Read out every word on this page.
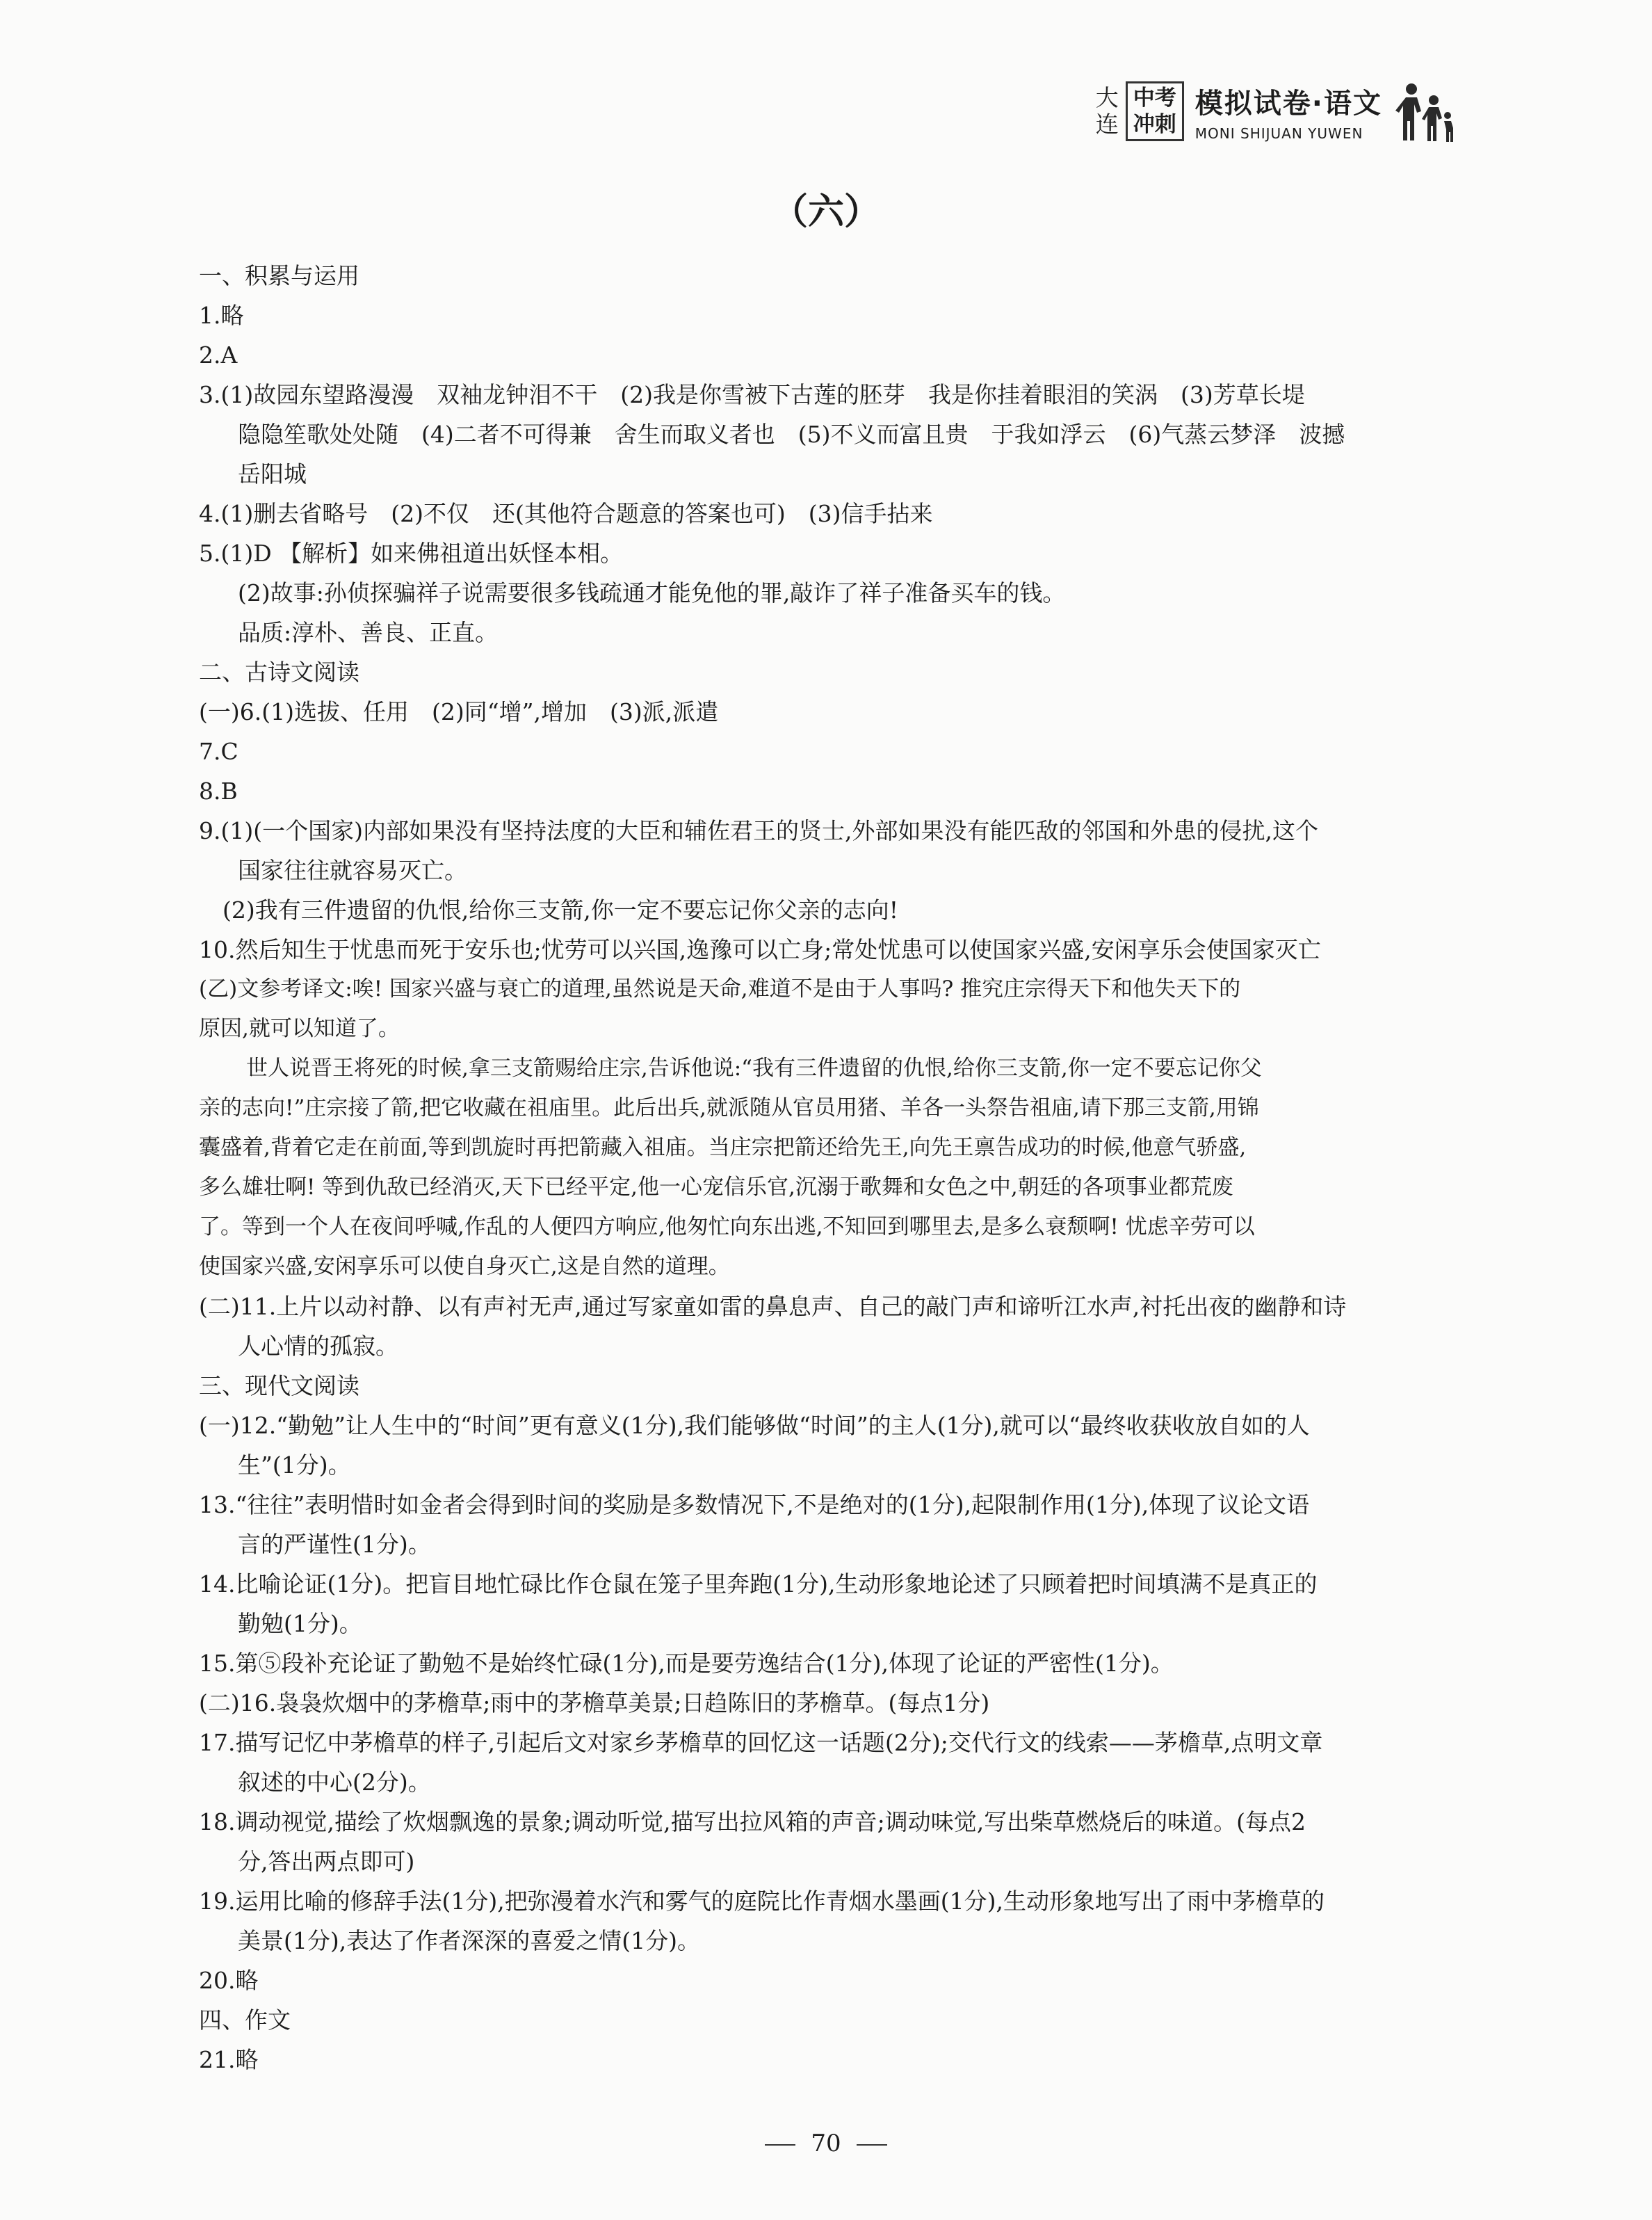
大
连
中考
冲刺
模拟试卷·语文
MONI SHIJUAN YUWEN
（六）
一、积累与运用
1.略
2.A
3.(1)故园东望路漫漫　双袖龙钟泪不干　(2)我是你雪被下古莲的胚芽　我是你挂着眼泪的笑涡　(3)芳草长堤
隐隐笙歌处处随　(4)二者不可得兼　舍生而取义者也　(5)不义而富且贵　于我如浮云　(6)气蒸云梦泽　波撼
岳阳城
4.(1)删去省略号　(2)不仅　还(其他符合题意的答案也可)　(3)信手拈来
5.(1)D 【解析】如来佛祖道出妖怪本相。
(2)故事:孙侦探骗祥子说需要很多钱疏通才能免他的罪,敲诈了祥子准备买车的钱。
品质:淳朴、善良、正直。
二、古诗文阅读
(一)6.(1)选拔、任用　(2)同“增”,增加　(3)派,派遣
7.C
8.B
9.(1)(一个国家)内部如果没有坚持法度的大臣和辅佐君王的贤士,外部如果没有能匹敌的邻国和外患的侵扰,这个
国家往往就容易灭亡。
(2)我有三件遗留的仇恨,给你三支箭,你一定不要忘记你父亲的志向!
10.然后知生于忧患而死于安乐也;忧劳可以兴国,逸豫可以亡身;常处忧患可以使国家兴盛,安闲享乐会使国家灭亡
(乙)文参考译文:唉! 国家兴盛与衰亡的道理,虽然说是天命,难道不是由于人事吗? 推究庄宗得天下和他失天下的
原因,就可以知道了。
世人说晋王将死的时候,拿三支箭赐给庄宗,告诉他说:“我有三件遗留的仇恨,给你三支箭,你一定不要忘记你父
亲的志向!”庄宗接了箭,把它收藏在祖庙里。此后出兵,就派随从官员用猪、羊各一头祭告祖庙,请下那三支箭,用锦
囊盛着,背着它走在前面,等到凯旋时再把箭藏入祖庙。当庄宗把箭还给先王,向先王禀告成功的时候,他意气骄盛,
多么雄壮啊! 等到仇敌已经消灭,天下已经平定,他一心宠信乐官,沉溺于歌舞和女色之中,朝廷的各项事业都荒废
了。等到一个人在夜间呼喊,作乱的人便四方响应,他匆忙向东出逃,不知回到哪里去,是多么衰颓啊! 忧虑辛劳可以
使国家兴盛,安闲享乐可以使自身灭亡,这是自然的道理。
(二)11.上片以动衬静、以有声衬无声,通过写家童如雷的鼻息声、自己的敲门声和谛听江水声,衬托出夜的幽静和诗
人心情的孤寂。
三、现代文阅读
(一)12.“勤勉”让人生中的“时间”更有意义(1分),我们能够做“时间”的主人(1分),就可以“最终收获收放自如的人
生”(1分)。
13.“往往”表明惜时如金者会得到时间的奖励是多数情况下,不是绝对的(1分),起限制作用(1分),体现了议论文语
言的严谨性(1分)。
14.比喻论证(1分)。把盲目地忙碌比作仓鼠在笼子里奔跑(1分),生动形象地论述了只顾着把时间填满不是真正的
勤勉(1分)。
15.第⑤段补充论证了勤勉不是始终忙碌(1分),而是要劳逸结合(1分),体现了论证的严密性(1分)。
(二)16.袅袅炊烟中的茅檐草;雨中的茅檐草美景;日趋陈旧的茅檐草。(每点1分)
17.描写记忆中茅檐草的样子,引起后文对家乡茅檐草的回忆这一话题(2分);交代行文的线索——茅檐草,点明文章
叙述的中心(2分)。
18.调动视觉,描绘了炊烟飘逸的景象;调动听觉,描写出拉风箱的声音;调动味觉,写出柴草燃烧后的味道。(每点2
分,答出两点即可)
19.运用比喻的修辞手法(1分),把弥漫着水汽和雾气的庭院比作青烟水墨画(1分),生动形象地写出了雨中茅檐草的
美景(1分),表达了作者深深的喜爱之情(1分)。
20.略
四、作文
21.略
70
